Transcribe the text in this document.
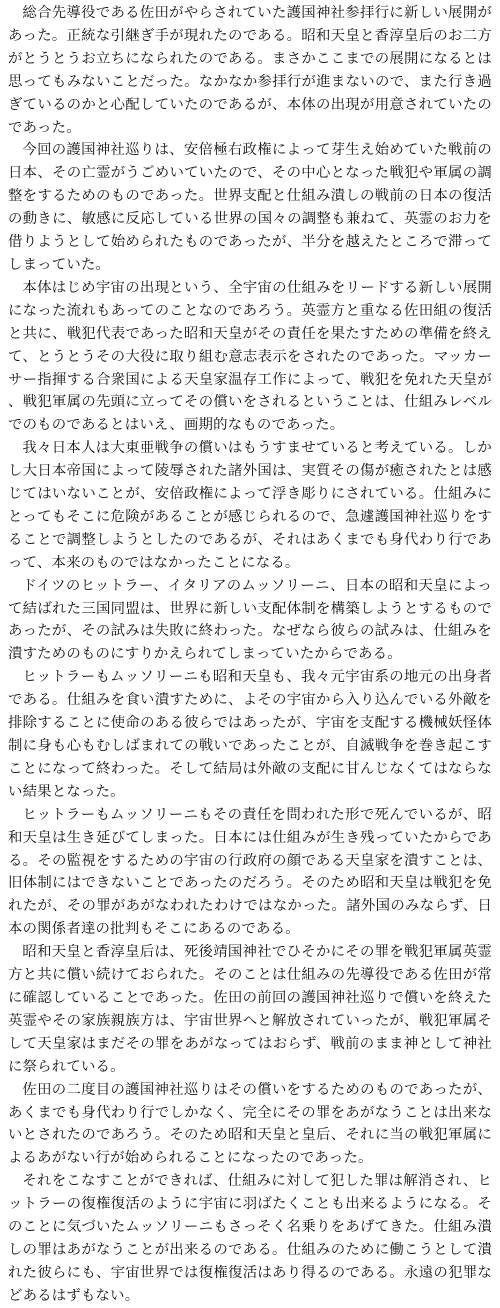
総合先導役である佐田がやらされていた護国神社参拝行に新しい展開があった。正統な引継ぎ手が現れたのである。昭和天皇と香淳皇后のお二方がとうとうお立ちになられたのである。まさかここまでの展開になるとは思ってもみないことだった。なかなか参拝行が進まないので、また行き過ぎているのかと心配していたのであるが、本体の出現が用意されていたのであった。

今回の護国神社巡りは、安倍極右政権によって芽生え始めていた戦前の日本、その亡霊がうごめいていたので、その中心となった戦犯や軍属の調整をするためのものであった。世界支配と仕組み潰しの戦前の日本の復活の動きに、敏感に反応している世界の国々の調整も兼ねて、英霊のお力を借りようとして始められたものであったが、半分を越えたところで滞ってしまっていた。

本体はじめ宇宙の出現という、全宇宙の仕組みをリードする新しい展開になった流れもあってのことなのであろう。英霊方と重なる佐田組の復活と共に、戦犯代表であった昭和天皇がその責任を果たすための準備を終えて、とうとうその大役に取り組む意志表示をされたのであった。マッカーサー指揮する合衆国による天皇家温存工作によって、戦犯を免れた天皇が、戦犯軍属の先頭に立ってその償いをされるということは、仕組みレベルでのものであるとはいえ、画期的なものであった。

我々日本人は大東亜戦争の償いはもうすませていると考えている。しかし大日本帝国によって陵辱された諸外国は、実質その傷が癒されたとは感じてはいないことが、安倍政権によって浮き彫りにされている。仕組みにとってもそこに危険があることが感じられるので、急遽護国神社巡りをすることで調整しようとしたのであるが、それはあくまでも身代わり行であって、本来のものではなかったことになる。

ドイツのヒットラー、イタリアのムッソリーニ、日本の昭和天皇によって結ばれた三国同盟は、世界に新しい支配体制を構築しようとするものであったが、その試みは失敗に終わった。なぜなら彼らの試みは、仕組みを潰すためのものにすりかえられてしまっていたからである。

ヒットラーもムッソリーニも昭和天皇も、我々元宇宙系の地元の出身者である。仕組みを食い潰すために、よその宇宙から入り込んでいる外敵を排除することに使命のある彼らではあったが、宇宙を支配する機械妖怪体制に身も心もむしばまれての戦いであったことが、自滅戦争を巻き起こすことになって終わった。そして結局は外敵の支配に甘んじなくてはならない結果となった。

ヒットラーもムッソリーニもその責任を問われた形で死んでいるが、昭和天皇は生き延びてしまった。日本には仕組みが生き残っていたからである。その監視をするための宇宙の行政府の顔である天皇家を潰すことは、旧体制にはできないことであったのだろう。そのため昭和天皇は戦犯を免れたが、その罪があがなわれたわけではなかった。諸外国のみならず、日本の関係者達の批判もそこにあるのである。

昭和天皇と香淳皇后は、死後靖国神社でひそかにその罪を戦犯軍属英霊方と共に償い続けておられた。そのことは仕組みの先導役である佐田が常に確認していることであった。佐田の前回の護国神社巡りで償いを終えた英霊やその家族親族方は、宇宙世界へと解放されていったが、戦犯軍属そして天皇家はまだその罪をあがなってはおらず、戦前のまま神として神社に祭られている。

佐田の二度目の護国神社巡りはその償いをするためのものであったが、あくまでも身代わり行でしかなく、完全にその罪をあがなうことは出来ないとされたのであろう。そのため昭和天皇と皇后、それに当の戦犯軍属によるあがない行が始められることになったのであった。

それをこなすことができれば、仕組みに対して犯した罪は解消され、ヒットラーの復権復活のように宇宙に羽ばたくことも出来るようになる。そのことに気づいたムッソリーニもさっそく名乗りをあげてきた。仕組み潰しの罪はあがなうことが出来るのである。仕組みのために働こうとして潰れた彼らにも、宇宙世界では復権復活はあり得るのである。永遠の犯罪などあるはずもない。
